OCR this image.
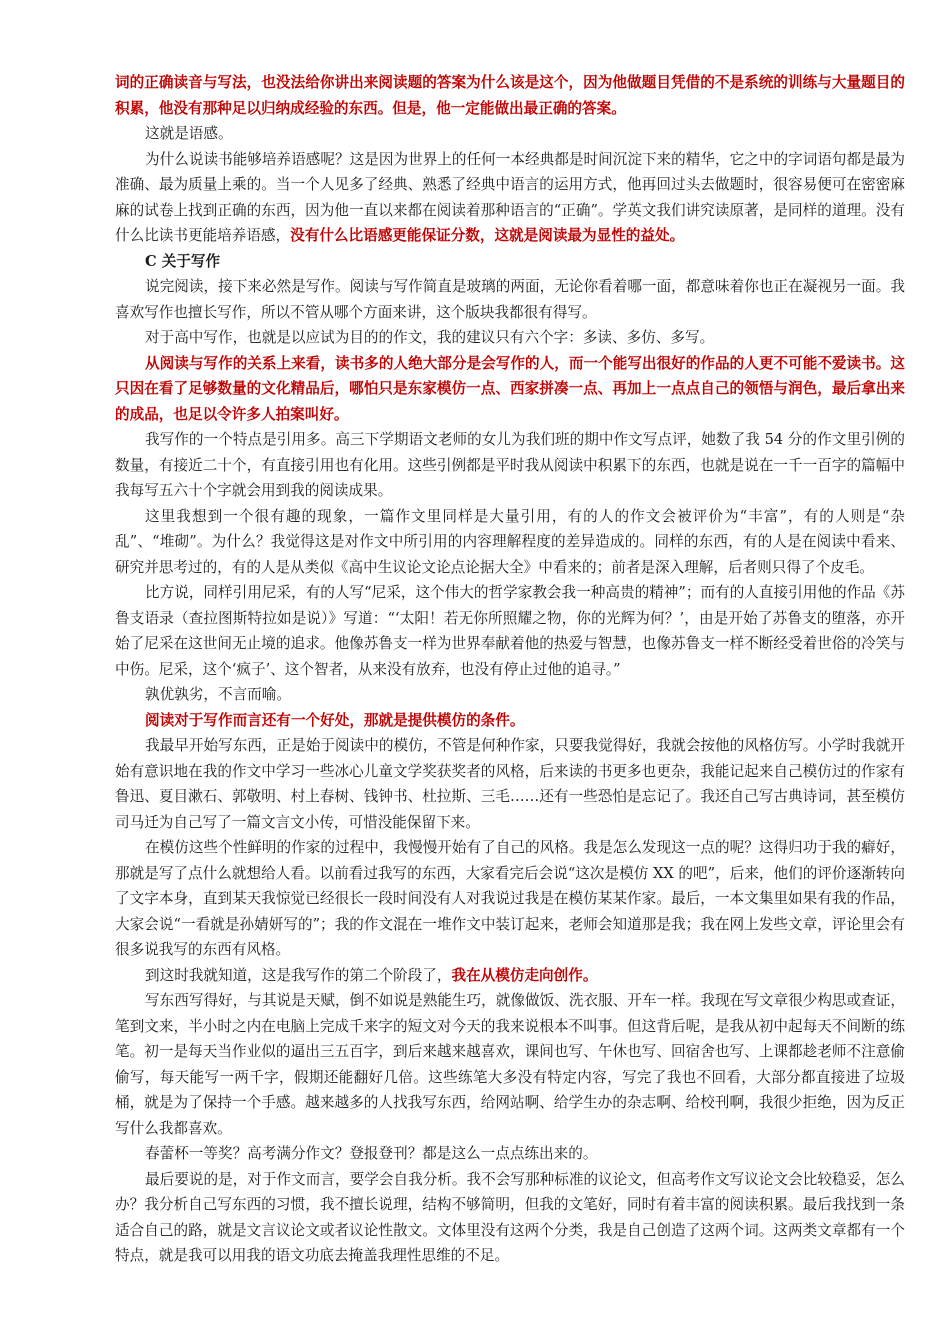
词的正确读音与写法，也没法给你讲出来阅读题的答案为什么该是这个，因为他做题目凭借的不是系统的训练与大量题目的积累，他没有那种足以归纳成经验的东西。但是，他一定能做出最正确的答案。

这就是语感。

为什么说读书能够培养语感呢？这是因为世界上的任何一本经典都是时间沉淀下来的精华，它之中的字词语句都是最为准确、最为质量上乘的。当一个人见多了经典、熟悉了经典中语言的运用方式，他再回过头去做题时，很容易便可在密密麻麻的试卷上找到正确的东西，因为他一直以来都在阅读着那种语言的“正确”。学英文我们讲究读原著，是同样的道理。没有什么比读书更能培养语感，没有什么比语感更能保证分数，这就是阅读最为显性的益处。

C 关于写作

说完阅读，接下来必然是写作。阅读与写作简直是玻璃的两面，无论你看着哪一面，都意味着你也正在凝视另一面。我喜欢写作也擅长写作，所以不管从哪个方面来讲，这个版块我都很有得写。

对于高中写作，也就是以应试为目的的作文，我的建议只有六个字：多读、多仿、多写。

从阅读与写作的关系上来看，读书多的人绝大部分是会写作的人，而一个能写出很好的作品的人更不可能不爱读书。这只因在看了足够数量的文化精品后，哪怕只是东家模仿一点、西家拼凑一点、再加上一点点自己的领悟与润色，最后拿出来的成品，也足以令许多人拍案叫好。

我写作的一个特点是引用多。高三下学期语文老师的女儿为我们班的期中作文写点评，她数了我 54 分的作文里引例的数量，有接近二十个，有直接引用也有化用。这些引例都是平时我从阅读中积累下的东西，也就是说在一千一百字的篇幅中我每写五六十个字就会用到我的阅读成果。

这里我想到一个很有趣的现象，一篇作文里同样是大量引用，有的人的作文会被评价为“丰富”，有的人则是“杂乱”、“堆砌”。为什么？我觉得这是对作文中所引用的内容理解程度的差异造成的。同样的东西，有的人是在阅读中看来、研究并思考过的，有的人是从类似《高中生议论文论点论据大全》中看来的；前者是深入理解，后者则只得了个皮毛。

比方说，同样引用尼采，有的人写“尼采，这个伟大的哲学家教会我一种高贵的精神”；而有的人直接引用他的作品《苏鲁支语录（查拉图斯特拉如是说）》写道：“‘太阳！若无你所照耀之物，你的光辉为何？’，由是开始了苏鲁支的堕落，亦开始了尼采在这世间无止境的追求。他像苏鲁支一样为世界奉献着他的热爱与智慧，也像苏鲁支一样不断经受着世俗的冷笑与中伤。尼采，这个‘疯子’、这个智者，从来没有放弃，也没有停止过他的追寻。”

孰优孰劣，不言而喻。

阅读对于写作而言还有一个好处，那就是提供模仿的条件。

我最早开始写东西，正是始于阅读中的模仿，不管是何种作家，只要我觉得好，我就会按他的风格仿写。小学时我就开始有意识地在我的作文中学习一些冰心儿童文学奖获奖者的风格，后来读的书更多也更杂，我能记起来自己模仿过的作家有鲁迅、夏目漱石、郭敬明、村上春树、钱钟书、杜拉斯、三毛……还有一些恐怕是忘记了。我还自己写古典诗词，甚至模仿司马迁为自己写了一篇文言文小传，可惜没能保留下来。

在模仿这些个性鲜明的作家的过程中，我慢慢开始有了自己的风格。我是怎么发现这一点的呢？这得归功于我的癖好，那就是写了点什么就想给人看。以前看过我写的东西，大家看完后会说“这次是模仿 XX 的吧”，后来，他们的评价逐渐转向了文字本身，直到某天我惊觉已经很长一段时间没有人对我说过我是在模仿某某作家。最后，一本文集里如果有我的作品，大家会说“一看就是孙婧妍写的”；我的作文混在一堆作文中装订起来，老师会知道那是我；我在网上发些文章，评论里会有很多说我写的东西有风格。

到这时我就知道，这是我写作的第二个阶段了，我在从模仿走向创作。

写东西写得好，与其说是天赋，倒不如说是熟能生巧，就像做饭、洗衣服、开车一样。我现在写文章很少构思或查证，笔到文来，半小时之内在电脑上完成千来字的短文对今天的我来说根本不叫事。但这背后呢，是我从初中起每天不间断的练笔。初一是每天当作业似的逼出三五百字，到后来越来越喜欢，课间也写、午休也写、回宿舍也写、上课都趁老师不注意偷偷写，每天能写一两千字，假期还能翻好几倍。这些练笔大多没有特定内容，写完了我也不回看，大部分都直接进了垃圾桶，就是为了保持一个手感。越来越多的人找我写东西，给网站啊、给学生办的杂志啊、给校刊啊，我很少拒绝，因为反正写什么我都喜欢。

春蕾杯一等奖？高考满分作文？登报登刊？都是这么一点点练出来的。

最后要说的是，对于作文而言，要学会自我分析。我不会写那种标准的议论文，但高考作文写议论文会比较稳妥，怎么办？我分析自己写东西的习惯，我不擅长说理，结构不够简明，但我的文笔好，同时有着丰富的阅读积累。最后我找到一条适合自己的路，就是文言议论文或者议论性散文。文体里没有这两个分类，我是自己创造了这两个词。这两类文章都有一个特点，就是我可以用我的语文功底去掩盖我理性思维的不足。
